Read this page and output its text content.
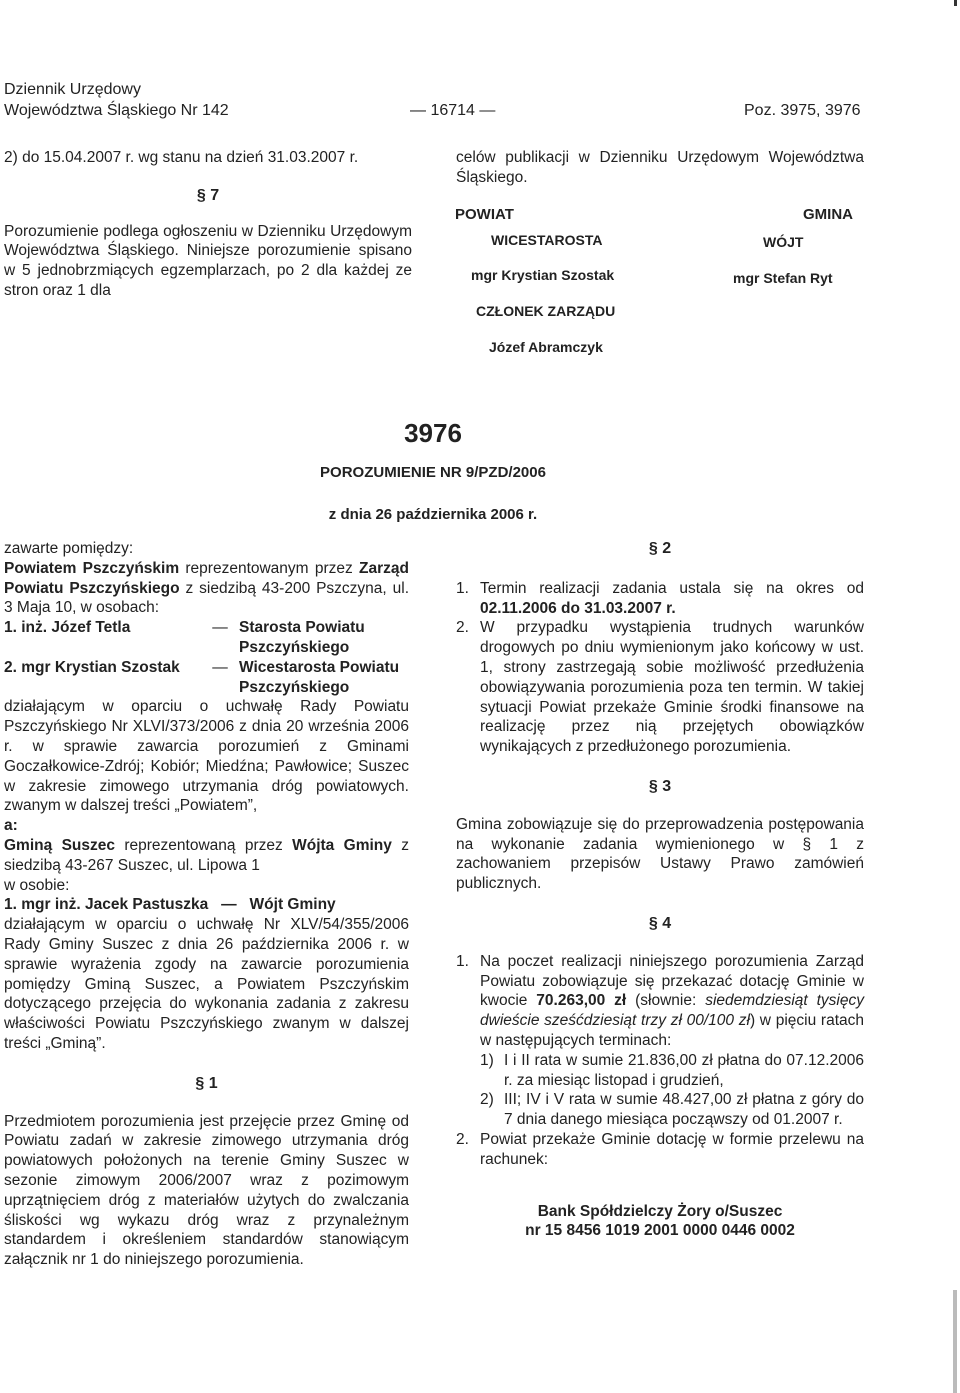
Dziennik Urzędowy
Województwa Śląskiego Nr 142	— 16714 —	Poz. 3975, 3976

2) do 15.04.2007 r. wg stanu na dzień 31.03.2007 r.

§ 7

Porozumienie podlega ogłoszeniu w Dzienniku Urzędowym Województwa Śląskiego. Niniejsze porozumienie spisano w 5 jednobrzmiących egzemplarzach, po 2 dla każdej ze stron oraz 1 dla

celów publikacji w Dzienniku Urzędowym Województwa Śląskiego.

POWIAT	GMINA
WICESTAROSTA	WÓJT
mgr Krystian Szostak	mgr Stefan Ryt
CZŁONEK ZARZĄDU
Józef Abramczyk
3976
POROZUMIENIE NR 9/PZD/2006
z dnia 26 października 2006 r.

zawarte pomiędzy:

Powiatem Pszczyńskim reprezentowanym przez Zarząd Powiatu Pszczyńskiego z siedzibą 43-200 Pszczyna, ul. 3 Maja 10, w osobach:

1. inż. Józef Tetla	— Starosta Powiatu Pszczyńskiego
2. mgr Krystian Szostak	— Wicestarosta Powiatu Pszczyńskiego

działającym w oparciu o uchwałę Rady Powiatu Pszczyńskiego Nr XLVI/373/2006 z dnia 20 września 2006 r. w sprawie zawarcia porozumień z Gminami Goczałkowice-Zdrój; Kobiór; Miedźna; Pawłowice; Suszec w zakresie zimowego utrzymania dróg powiatowych. zwanym w dalszej treści „Powiatem”,

a:

Gminą Suszec reprezentowaną przez Wójta Gminy z siedzibą 43-267 Suszec, ul. Lipowa 1

w osobie:

1. mgr inż. Jacek Pastuszka — Wójt Gminy

działającym w oparciu o uchwałę Nr XLV/54/355/2006 Rady Gminy Suszec z dnia 26 października 2006 r. w sprawie wyrażenia zgody na zawarcie porozumienia pomiędzy Gminą Suszec, a Powiatem Pszczyńskim dotyczącego przejęcia do wykonania zadania z zakresu właściwości Powiatu Pszczyńskiego zwanym w dalszej treści „Gminą”.

§ 1

Przedmiotem porozumienia jest przejęcie przez Gminę od Powiatu zadań w zakresie zimowego utrzymania dróg powiatowych położonych na terenie Gminy Suszec w sezonie zimowym 2006/2007 wraz z pozimowym uprzątnięciem dróg z materiałów użytych do zwalczania śliskości wg wykazu dróg wraz z przynależnym standardem i określeniem standardów stanowiącym załącznik nr 1 do niniejszego porozumienia.

§ 2

1. Termin realizacji zadania ustala się na okres od 02.11.2006 do 31.03.2007 r.

2. W przypadku wystąpienia trudnych warunków drogowych po dniu wymienionym jako końcowy w ust. 1, strony zastrzegają sobie możliwość przedłużenia obowiązywania porozumienia poza ten termin. W takiej sytuacji Powiat przekaże Gminie środki finansowe na realizację przez nią przejętych obowiązków wynikających z przedłużonego porozumienia.

§ 3

Gmina zobowiązuje się do przeprowadzenia postępowania na wykonanie zadania wymienionego w § 1 z zachowaniem przepisów Ustawy Prawo zamówień publicznych.

§ 4

1. Na poczet realizacji niniejszego porozumienia Zarząd Powiatu zobowiązuje się przekazać dotację Gminie w kwocie 70.263,00 zł (słownie: siedemdziesiąt tysięcy dwieście sześćdziesiąt trzy zł 00/100 zł) w pięciu ratach w następujących terminach:

1) I i II rata w sumie 21.836,00 zł płatna do 07.12.2006 r. za miesiąc listopad i grudzień,

2) III; IV i V rata w sumie 48.427,00 zł płatna z góry do 7 dnia danego miesiąca począwszy od 01.2007 r.

2. Powiat przekaże Gminie dotację w formie przelewu na rachunek:

Bank Spółdzielczy Żory o/Suszec

nr 15 8456 1019 2001 0000 0446 0002
